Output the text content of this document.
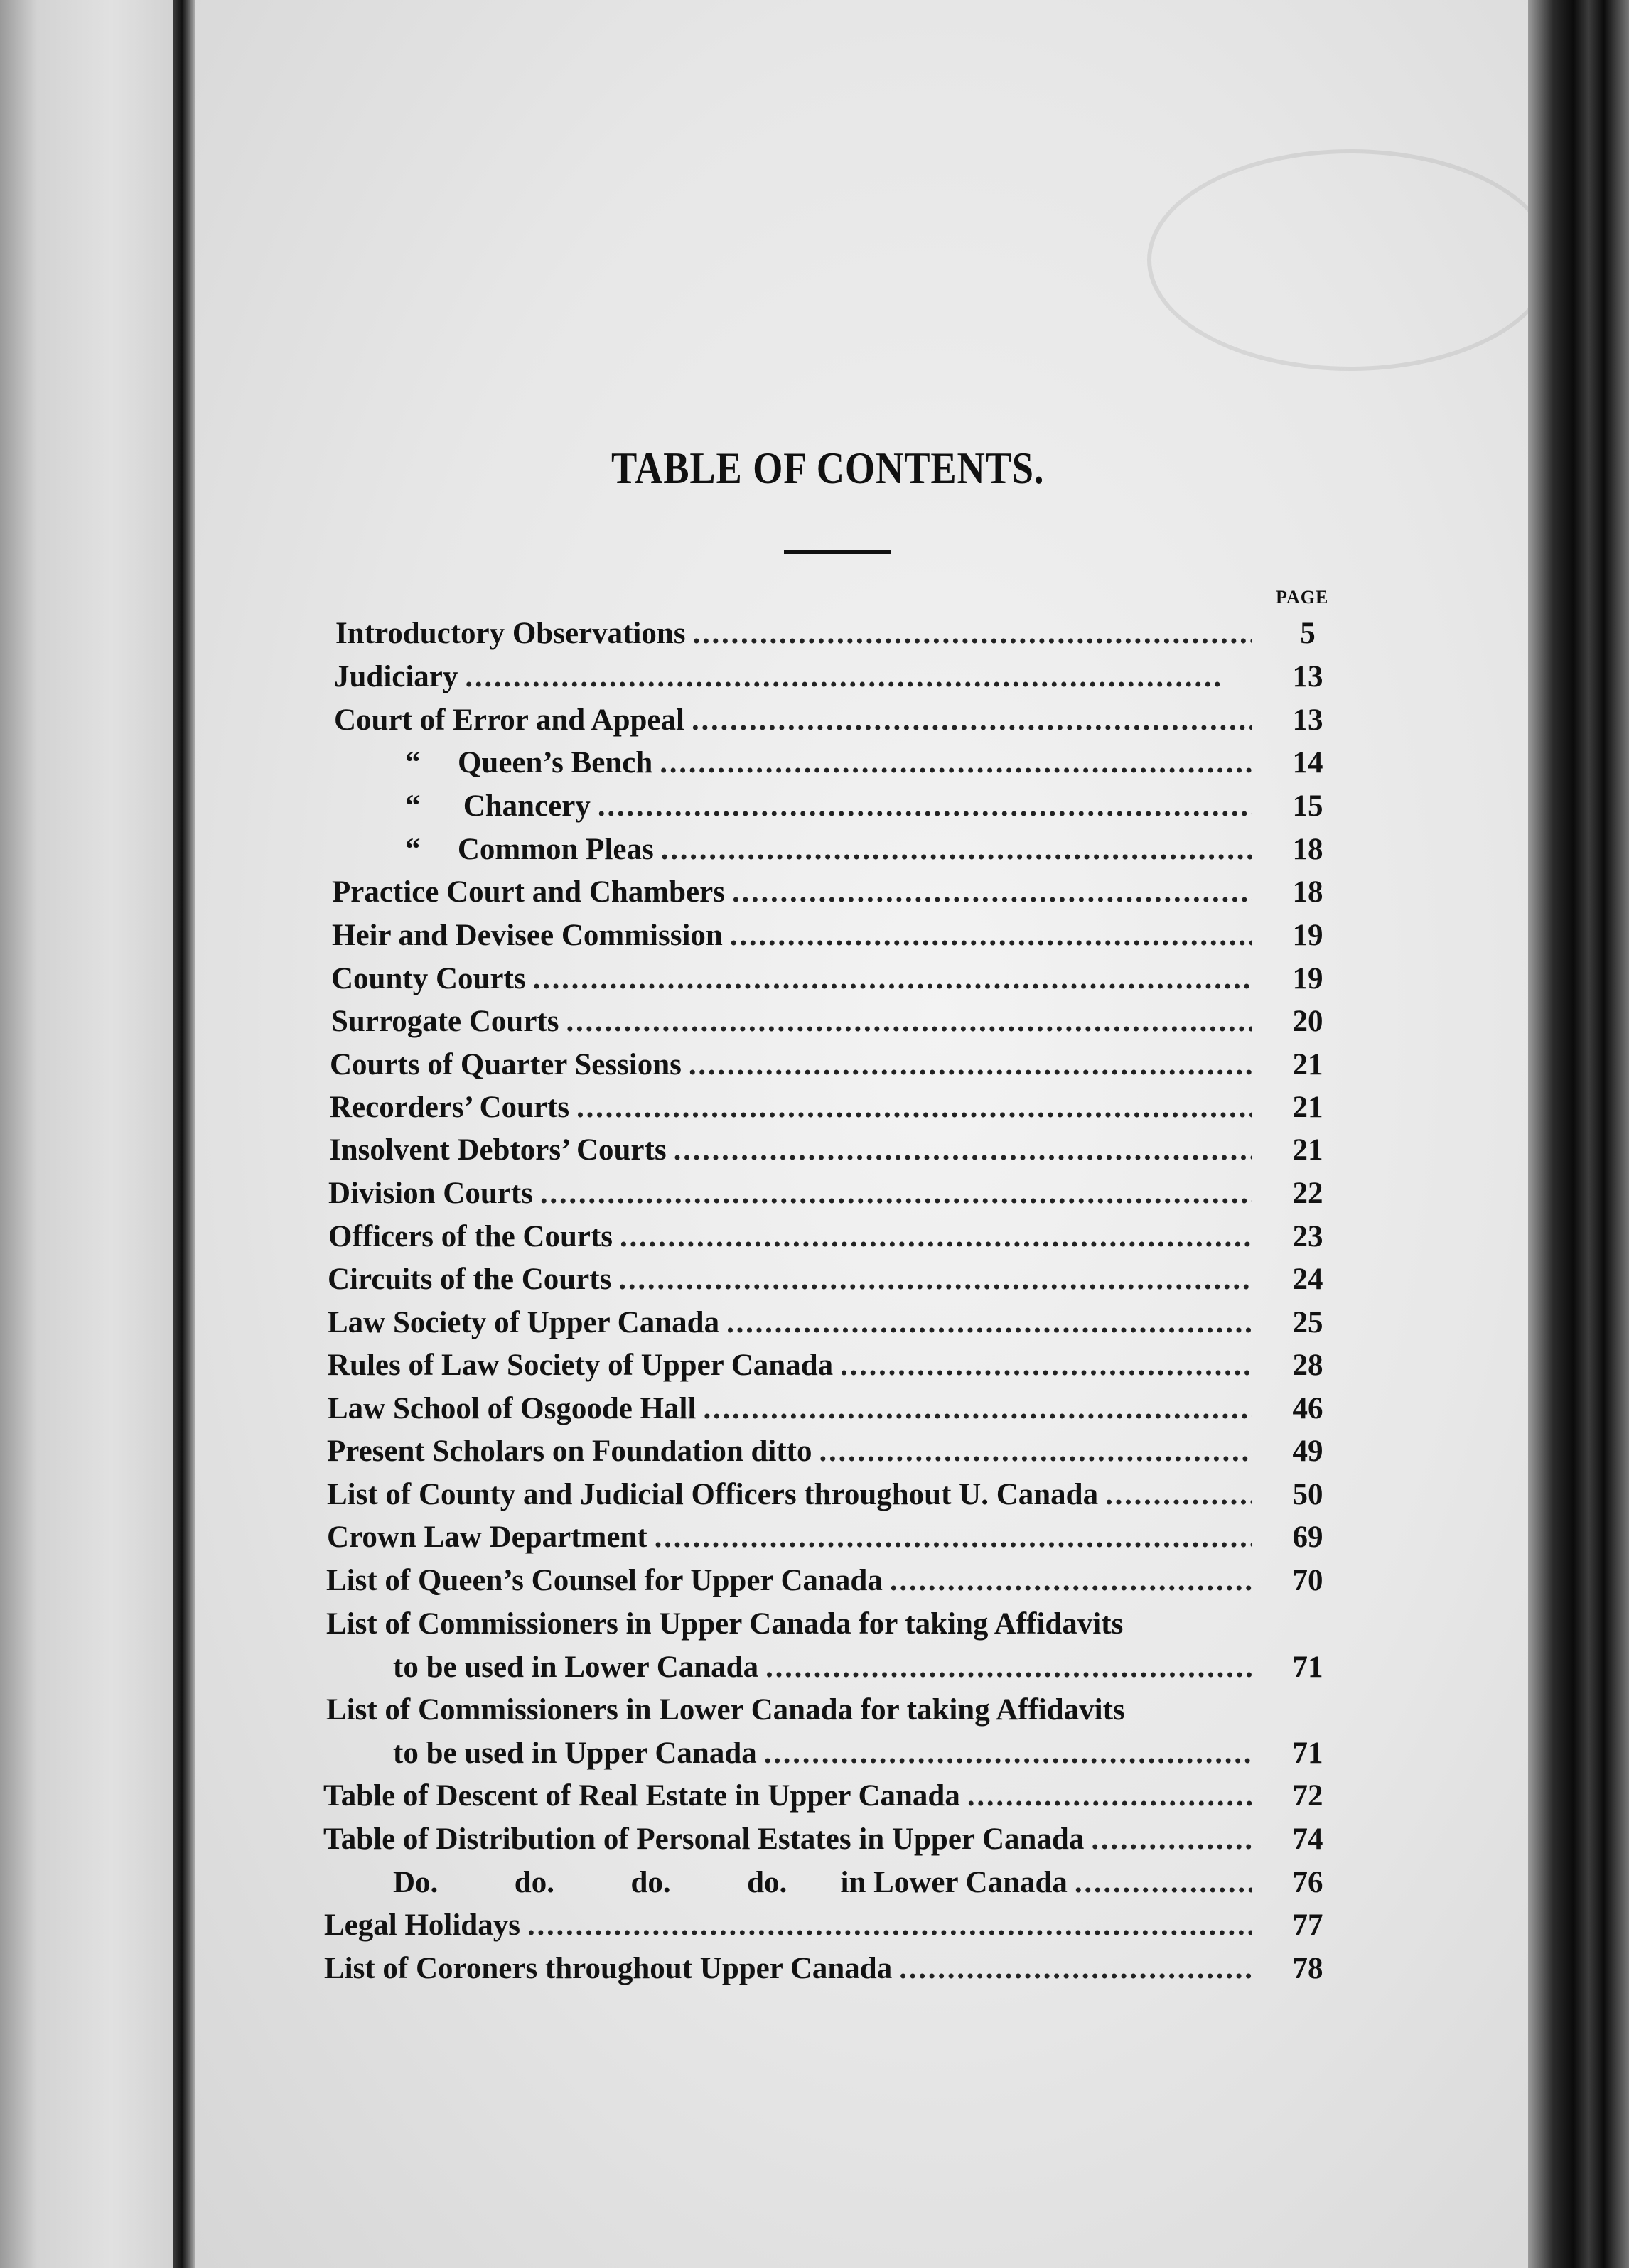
TABLE OF CONTENTS.
PAGE
Introductory Observations . . .	5
Judiciary . . .	13
Court of Error and Appeal . . .	13
“	Queen’s Bench . . .	14
“	Chancery . . .	15
“	Common Pleas . . .	18
Practice Court and Chambers . . .	18
Heir and Devisee Commission . . .	19
County Courts . . .	19
Surrogate Courts . . .	20
Courts of Quarter Sessions . . .	21
Recorders’ Courts . . .	21
Insolvent Debtors’ Courts . . .	21
Division Courts . . .	22
Officers of the Courts . . .	23
Circuits of the Courts . . .	24
Law Society of Upper Canada . . .	25
Rules of Law Society of Upper Canada . . .	28
Law School of Osgoode Hall . . .	46
Present Scholars on Foundation ditto . . .	49
List of County and Judicial Officers throughout U. Canada . . .	50
Crown Law Department . . .	69
List of Queen’s Counsel for Upper Canada . . .	70
List of Commissioners in Upper Canada for taking Affidavits
to be used in Lower Canada . . .	71
List of Commissioners in Lower Canada for taking Affidavits
to be used in Upper Canada . . .	71
Table of Descent of Real Estate in Upper Canada . . .	72
Table of Distribution of Personal Estates in Upper Canada . . .	74
Do.          do.          do.          do.       in Lower Canada . . .	76
Legal Holidays . . .	77
List of Coroners throughout Upper Canada . . .	78
